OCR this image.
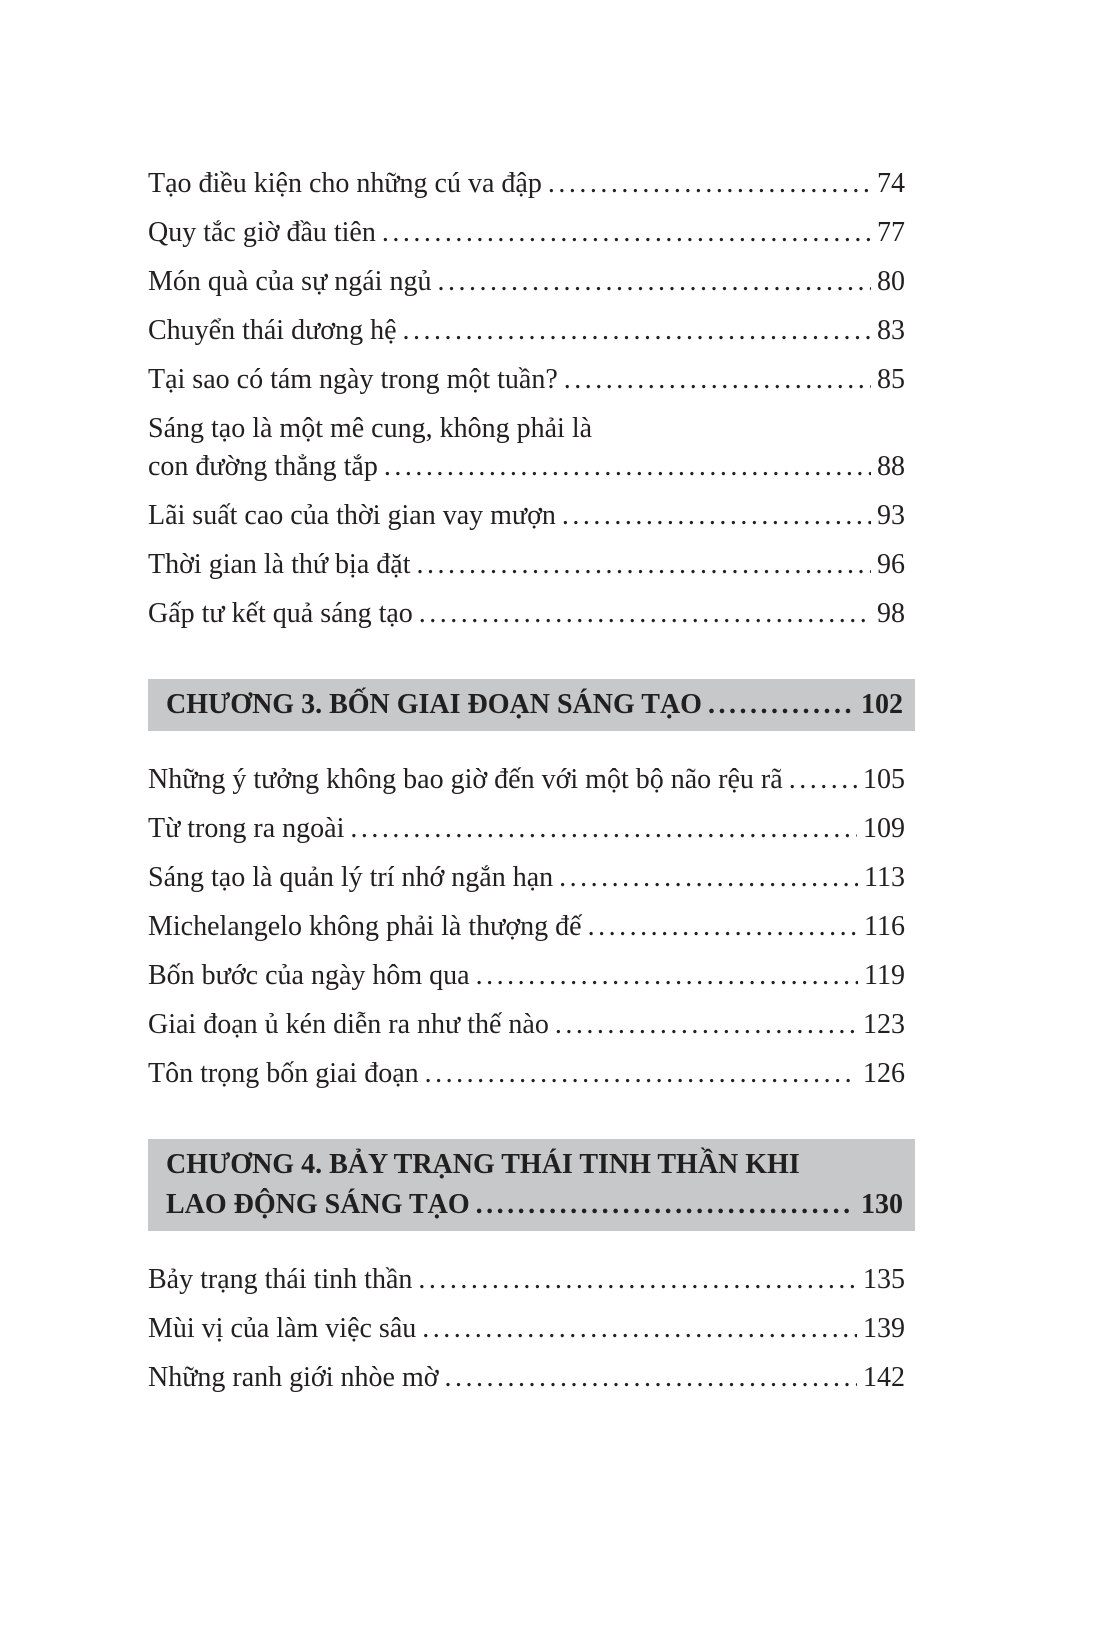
Tạo điều kiện cho những cú va đập .....	74
Quy tắc giờ đầu tiên .....	77
Món quà của sự ngái ngủ .....	80
Chuyển thái dương hệ .....	83
Tại sao có tám ngày trong một tuần? .....	85
Sáng tạo là một mê cung, không phải là
con đường thẳng tắp .....	88
Lãi suất cao của thời gian vay mượn .....	93
Thời gian là thứ bịa đặt .....	96
Gấp tư kết quả sáng tạo .....	98
CHƯƠNG 3. BỐN GIAI ĐOẠN SÁNG TẠO .....	102
Những ý tưởng không bao giờ đến với một bộ não rệu rã .....	105
Từ trong ra ngoài .....	109
Sáng tạo là quản lý trí nhớ ngắn hạn .....	113
Michelangelo không phải là thượng đế .....	116
Bốn bước của ngày hôm qua .....	119
Giai đoạn ủ kén diễn ra như thế nào .....	123
Tôn trọng bốn giai đoạn .....	126
CHƯƠNG 4. BẢY TRẠNG THÁI TINH THẦN KHI
LAO ĐỘNG SÁNG TẠO .....	130
Bảy trạng thái tinh thần .....	135
Mùi vị của làm việc sâu .....	139
Những ranh giới nhòe mờ .....	142
